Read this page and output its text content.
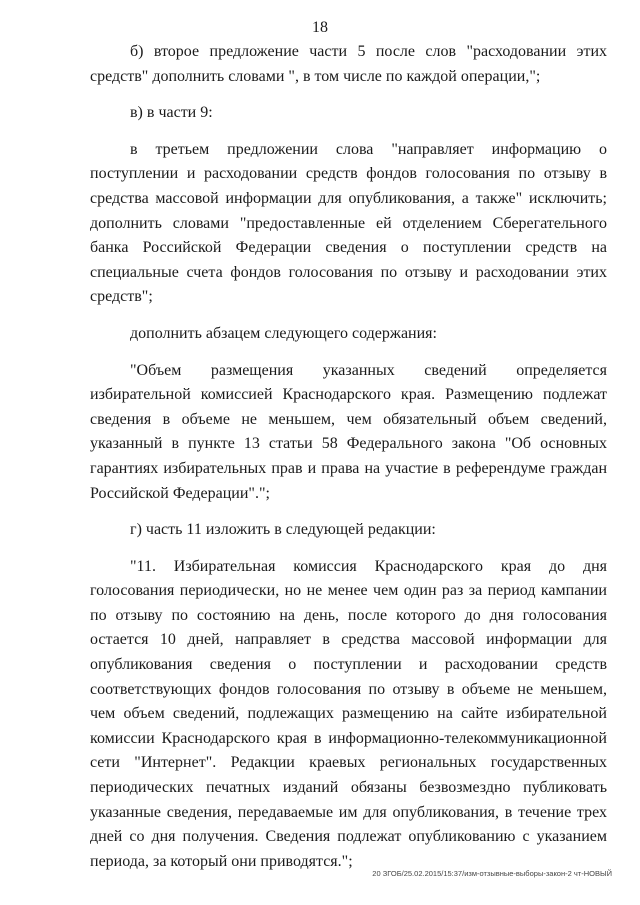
18

б) второе предложение части 5 после слов "расходовании этих средств" дополнить словами ", в том числе по каждой операции,";

в) в части 9:

в третьем предложении слова "направляет информацию о поступлении и расходовании средств фондов голосования по отзыву в средства массовой информации для опубликования, а также" исключить; дополнить словами "предоставленные ей отделением Сберегательного банка Российской Федерации сведения о поступлении средств на специальные счета фондов голосования по отзыву и расходовании этих средств";

дополнить абзацем следующего содержания:

"Объем размещения указанных сведений определяется избирательной комиссией Краснодарского края. Размещению подлежат сведения в объеме не меньшем, чем обязательный объем сведений, указанный в пункте 13 статьи 58 Федерального закона "Об основных гарантиях избирательных прав и права на участие в референдуме граждан Российской Федерации".";

г) часть 11 изложить в следующей редакции:

"11. Избирательная комиссия Краснодарского края до дня голосования периодически, но не менее чем один раз за период кампании по отзыву по состоянию на день, после которого до дня голосования остается 10 дней, направляет в средства массовой информации для опубликования сведения о поступлении и расходовании средств соответствующих фондов голосования по отзыву в объеме не меньшем, чем объем сведений, подлежащих размещению на сайте избирательной комиссии Краснодарского края в информационно-телекоммуникационной сети "Интернет". Редакции краевых региональных государственных периодических печатных изданий обязаны безвозмездно публиковать указанные сведения, передаваемые им для опубликования, в течение трех дней со дня получения. Сведения подлежат опубликованию с указанием периода, за который они приводятся.";

20 ЗГОБ/25.02.2015/15:37/изм-отзывные-выборы-закон-2 чт-НОВЫЙ
